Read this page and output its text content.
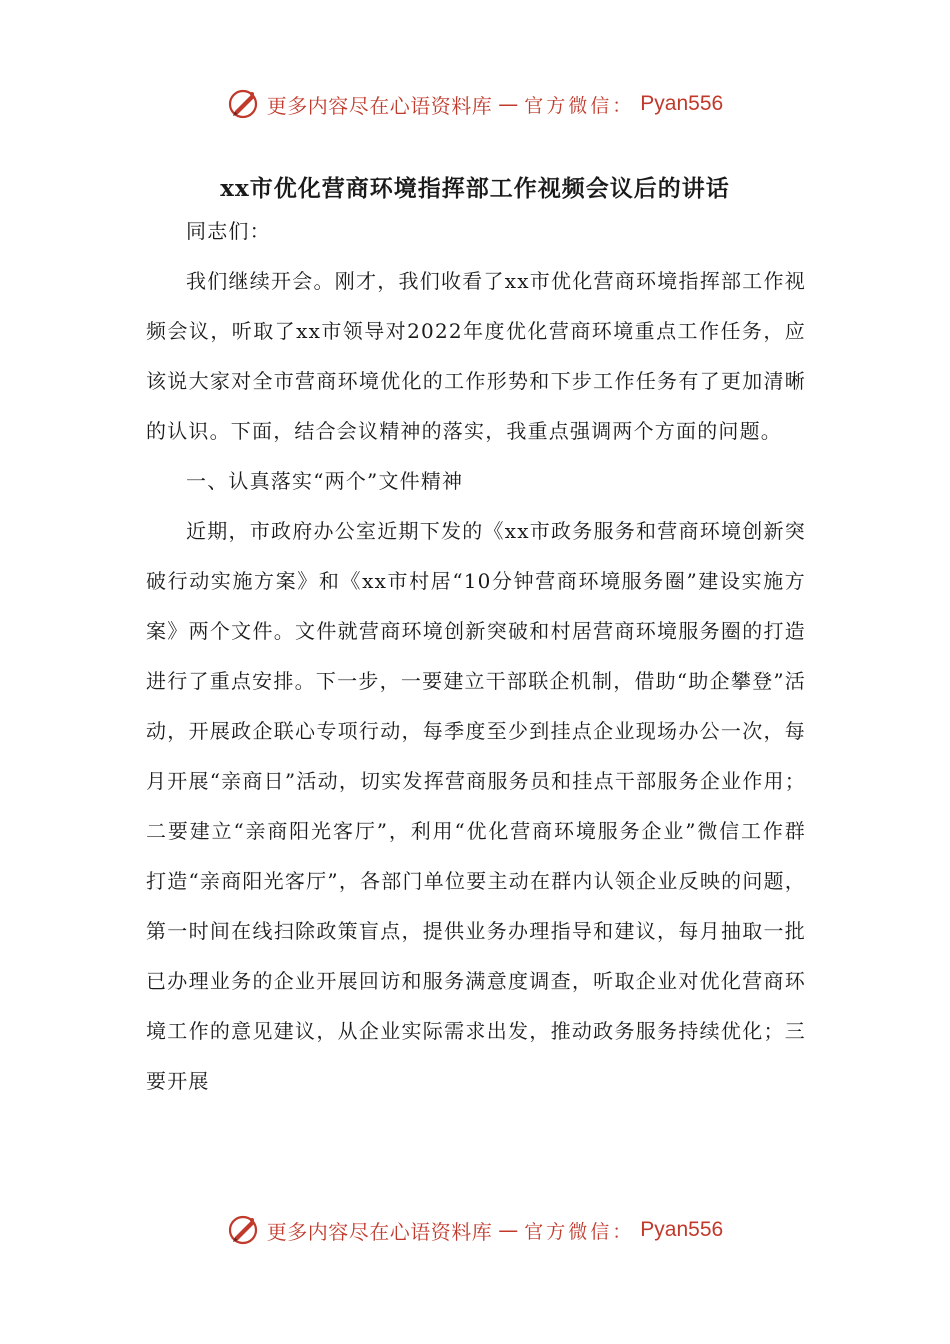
更多内容尽在心语资料库 — 官方微信： Pyan556
xx市优化营商环境指挥部工作视频会议后的讲话

同志们：

我们继续开会。刚才，我们收看了xx市优化营商环境指挥部工作视频会议，听取了xx市领导对2022年度优化营商环境重点工作任务，应该说大家对全市营商环境优化的工作形势和下步工作任务有了更加清晰的认识。下面，结合会议精神的落实，我重点强调两个方面的问题。

一、认真落实“两个”文件精神

近期，市政府办公室近期下发的《xx市政务服务和营商环境创新突破行动实施方案》和《xx市村居“10分钟营商环境服务圈”建设实施方案》两个文件。文件就营商环境创新突破和村居营商环境服务圈的打造进行了重点安排。下一步，一要建立干部联企机制，借助“助企攀登”活动，开展政企联心专项行动，每季度至少到挂点企业现场办公一次，每月开展“亲商日”活动，切实发挥营商服务员和挂点干部服务企业作用；二要建立“亲商阳光客厅”，利用“优化营商环境服务企业”微信工作群打造“亲商阳光客厅”，各部门单位要主动在群内认领企业反映的问题，第一时间在线扫除政策盲点，提供业务办理指导和建议，每月抽取一批已办理业务的企业开展回访和服务满意度调查，听取企业对优化营商环境工作的意见建议，从企业实际需求出发，推动政务服务持续优化；三要开展

更多内容尽在心语资料库 — 官方微信： Pyan556
